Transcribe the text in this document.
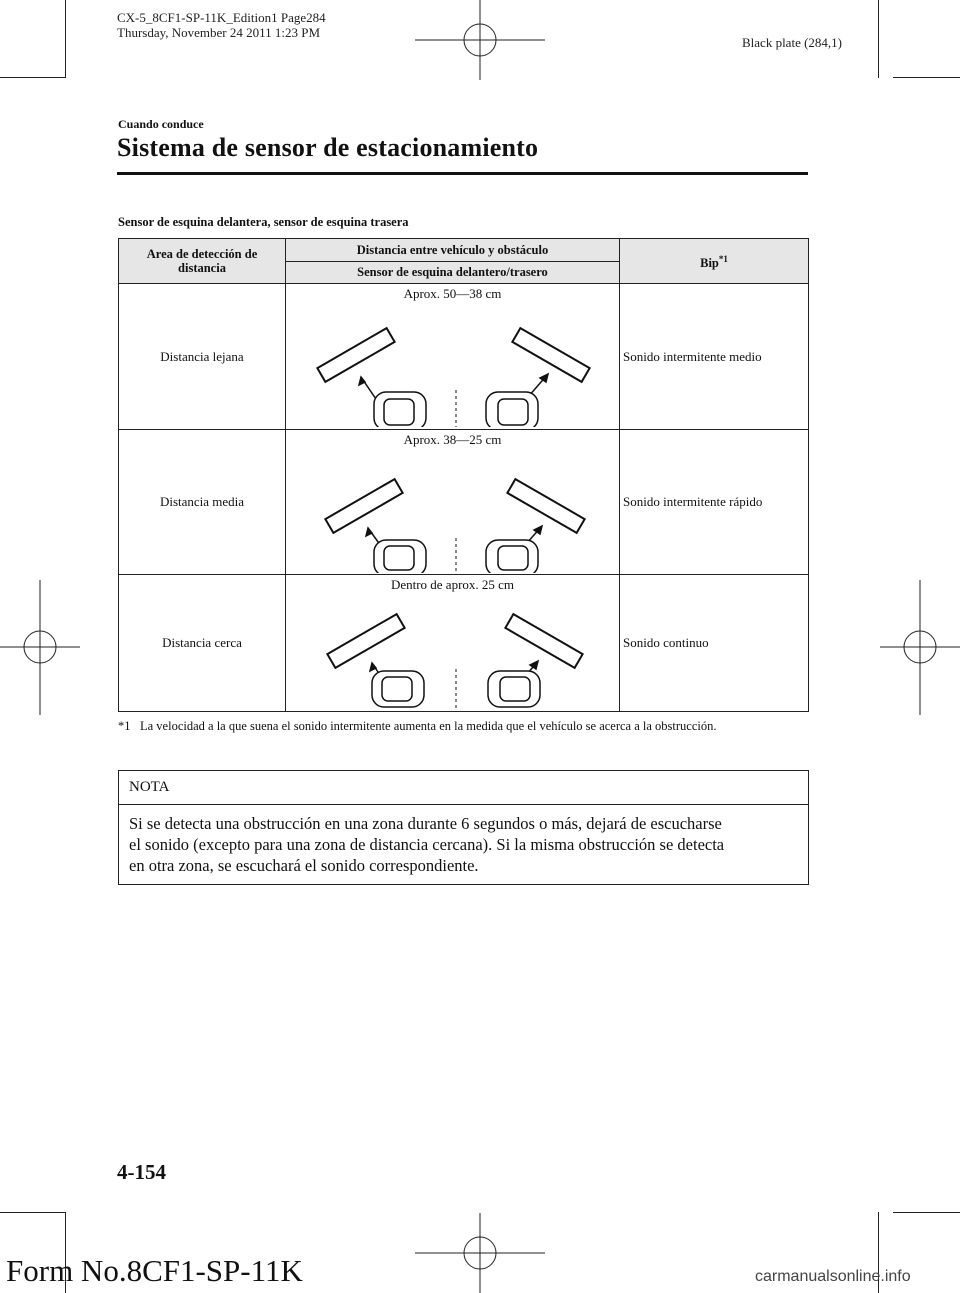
CX-5_8CF1-SP-11K_Edition1 Page284
Thursday, November 24 2011 1:23 PM
Black plate (284,1)
Cuando conduce
Sistema de sensor de estacionamiento
Sensor de esquina delantera, sensor de esquina trasera
Area de detección de distancia	Distancia entre vehículo y obstáculo	Bip$^{*1}$
	Sensor de esquina delantero/trasero	
Distancia lejana	Aprox. 50―38 cm	Sonido intermitente medio
Distancia media	Aprox. 38―25 cm	Sonido intermitente rápido
Distancia cerca	Dentro de aprox. 25 cm	Sonido continuo
*1 La velocidad a la que suena el sonido intermitente aumenta en la medida que el vehículo se acerca a la obstrucción.
NOTA
Si se detecta una obstrucción en una zona durante 6 segundos o más, dejará de escucharse el sonido (excepto para una zona de distancia cercana). Si la misma obstrucción se detecta en otra zona, se escuchará el sonido correspondiente.
4-154
Form No.8CF1-SP-11K	carmanualsonline.info
